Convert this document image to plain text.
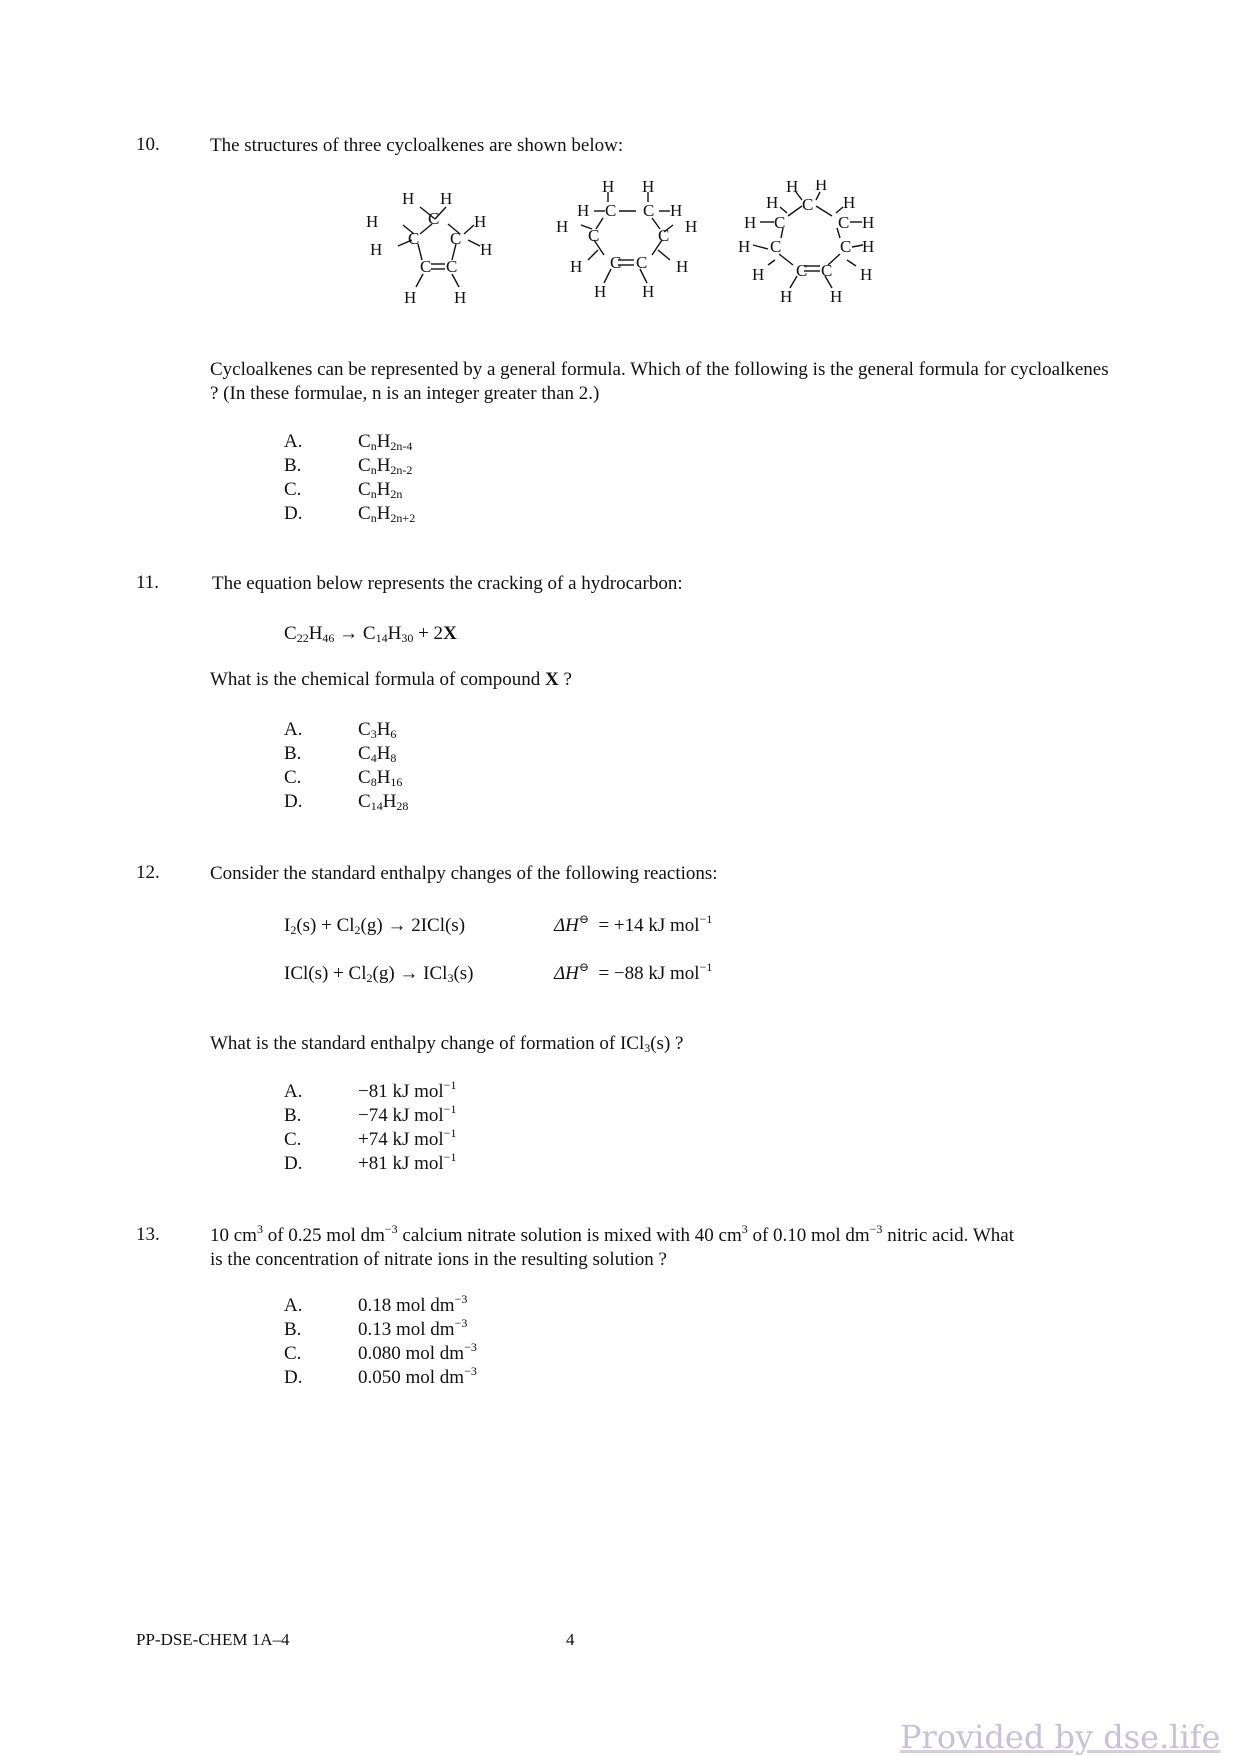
10.	The structures of three cycloalkenes are shown below:
H H
C
H	H
C C
H	H
C C
H H
H H
H C C H
H	H
C	C
C C
H	H
H H
H H
H	H
C
H C	C H
H C	C H
C C
H	H
H H
Cycloalkenes can be represented by a general formula. Which of the following is the general formula for cycloalkenes ? (In these formulae, n is an integer greater than 2.)
A.	$C_nH_{2n-4}$
B.	$C_nH_{2n-2}$
C.	$C_nH_{2n}$
D.	$C_nH_{2n+2}$
11.	The equation below represents the cracking of a hydrocarbon:
$C_{22}H_{46} \to C_{14}H_{30} + 2X$
What is the chemical formula of compound X ?
A.	$C_3H_6$
B.	$C_4H_8$
C.	$C_8H_{16}$
D.	$C_{14}H_{28}$
12.	Consider the standard enthalpy changes of the following reactions:
$I_2(s) + Cl_2(g) \to 2ICl(s)$	ΔH⊖ = +14 kJ mol$^{-1}$
$ICl(s) + Cl_2(g) \to ICl_3(s)$	ΔH⊖ = −88 kJ mol$^{-1}$
What is the standard enthalpy change of formation of ICl$_3$(s) ?
A.	−81 kJ mol$^{-1}$
B.	−74 kJ mol$^{-1}$
C.	+74 kJ mol$^{-1}$
D.	+81 kJ mol$^{-1}$
13.	10 $cm^3$ of 0.25 mol $dm^{-3}$ calcium nitrate solution is mixed with 40 $cm^3$ of 0.10 mol $dm^{-3}$ nitric acid. What
is the concentration of nitrate ions in the resulting solution ?
A.	0.18 mol $dm^{-3}$
B.	0.13 mol $dm^{-3}$
C.	0.080 mol $dm^{-3}$
D.	0.050 mol $dm^{-3}$
PP-DSE-CHEM 1A–4	4
Provided by dse.life
